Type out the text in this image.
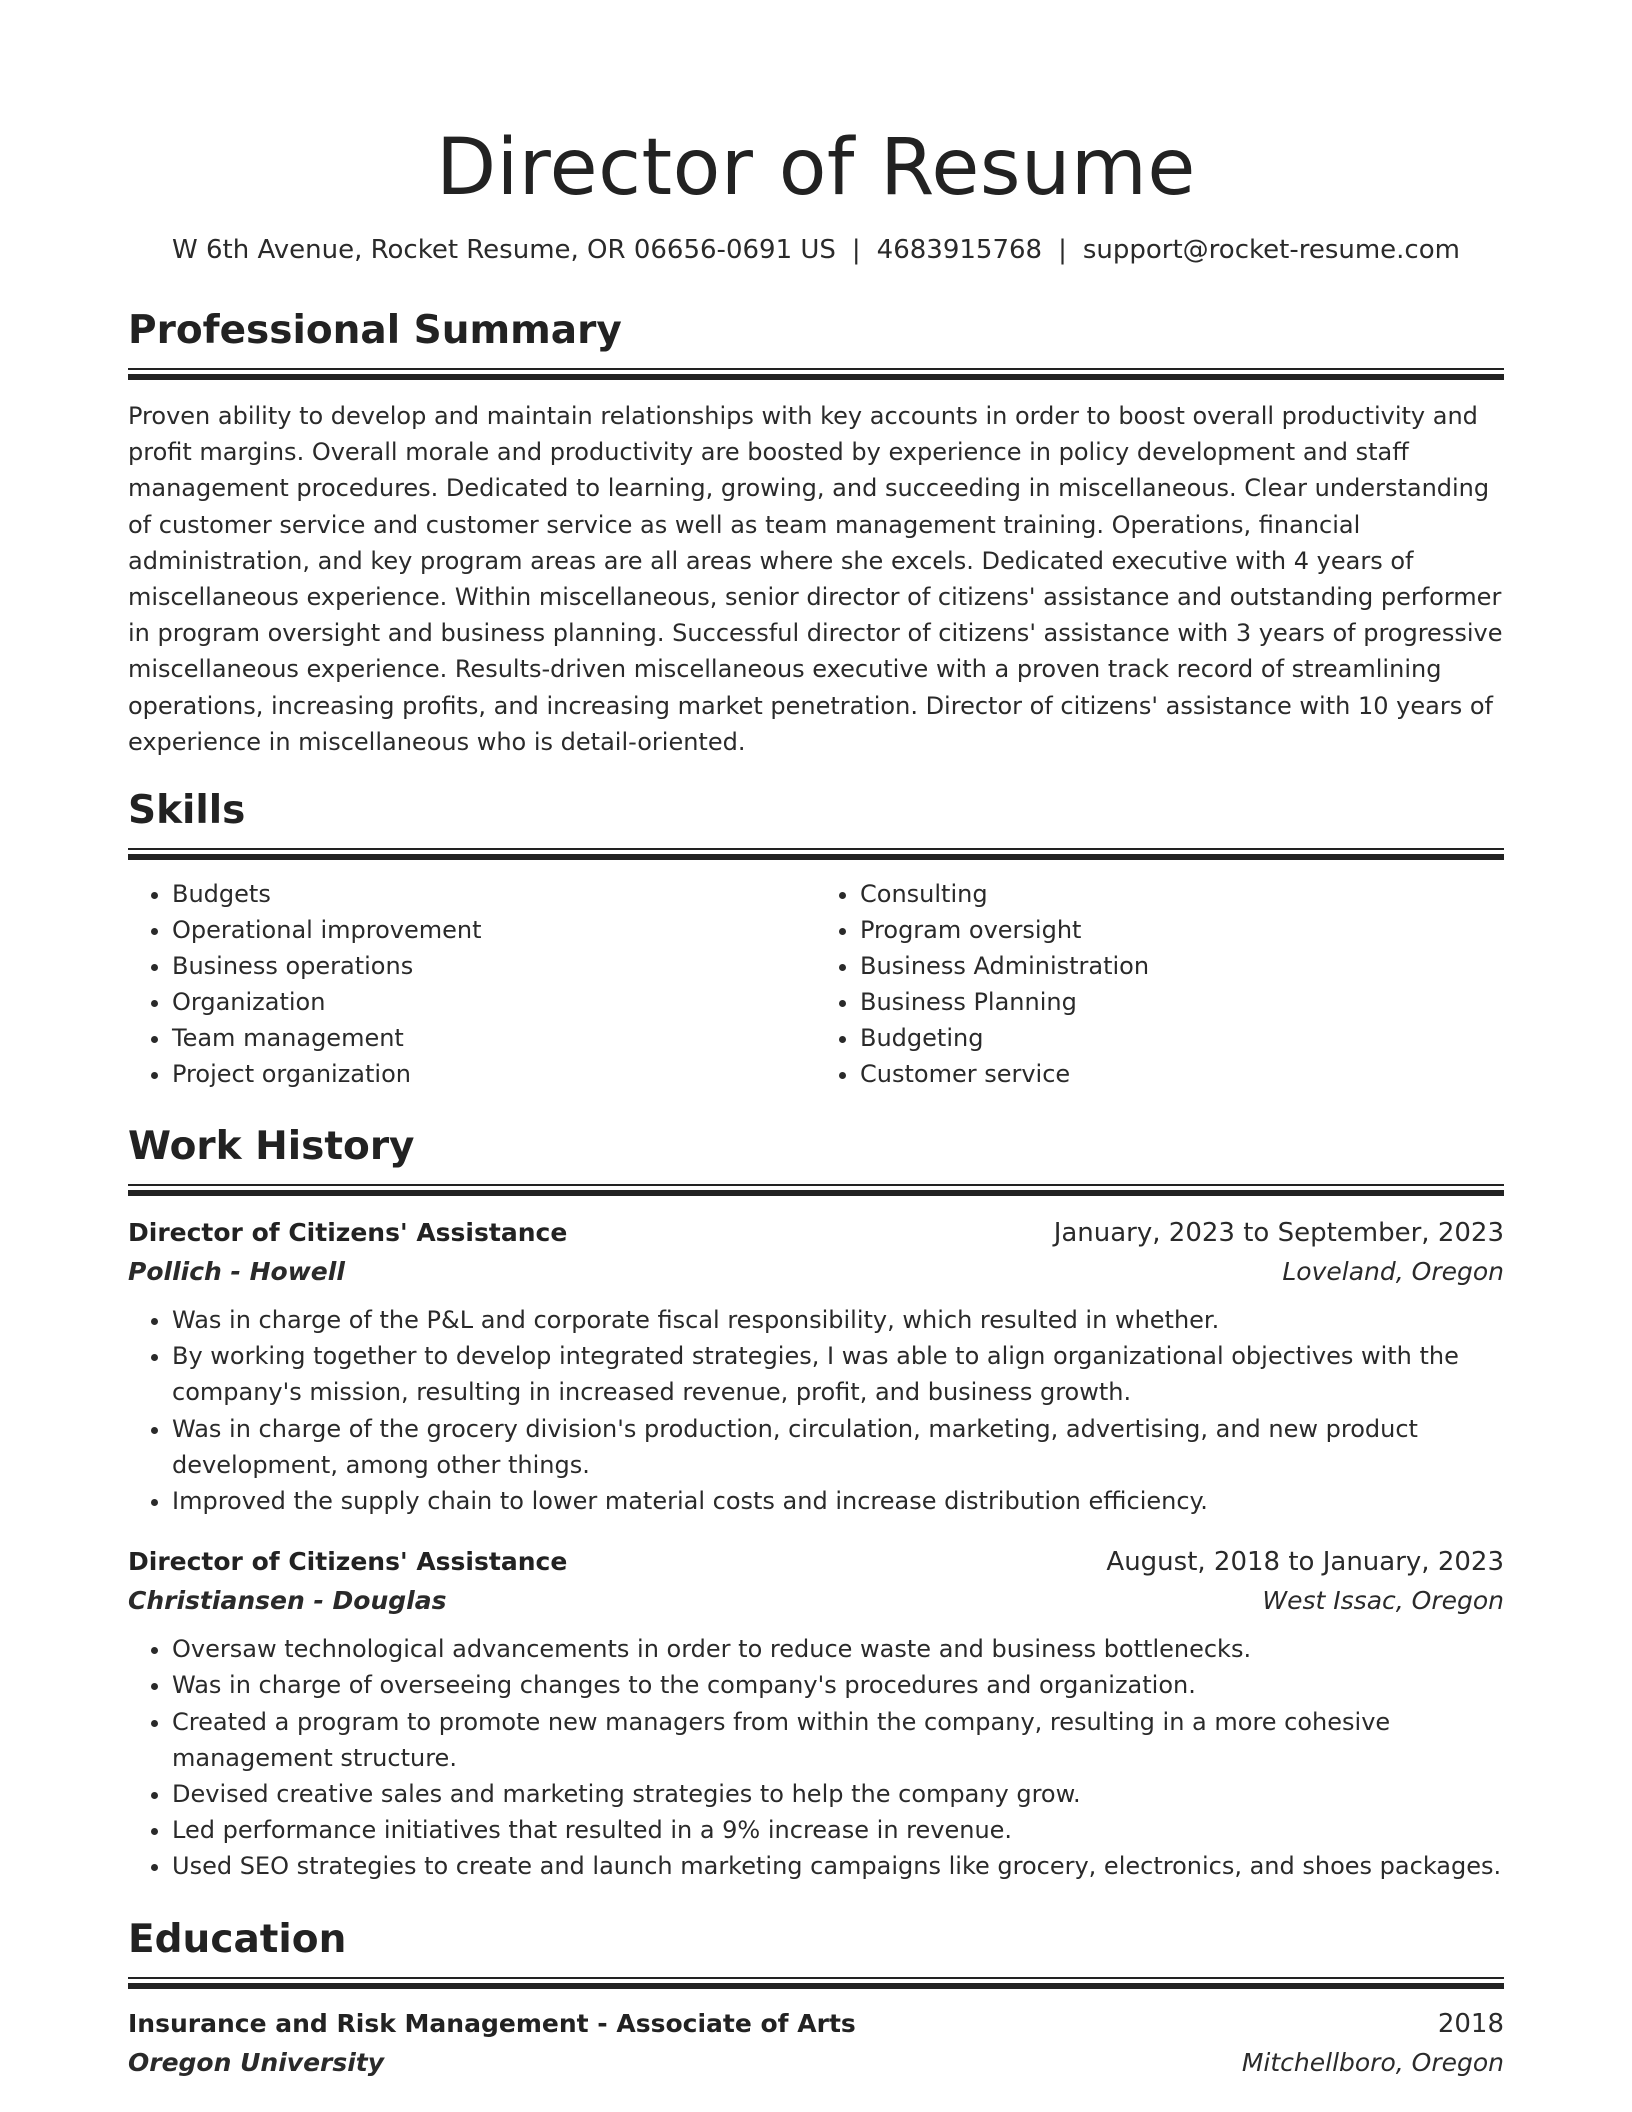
Director of Resume
W 6th Avenue, Rocket Resume, OR 06656-0691 US | 4683915768 | support@rocket-resume.com
Professional Summary

Proven ability to develop and maintain relationships with key accounts in order to boost overall productivity and profit margins. Overall morale and productivity are boosted by experience in policy development and staff management procedures. Dedicated to learning, growing, and succeeding in miscellaneous. Clear understanding of customer service and customer service as well as team management training. Operations, financial administration, and key program areas are all areas where she excels. Dedicated executive with 4 years of miscellaneous experience. Within miscellaneous, senior director of citizens' assistance and outstanding performer in program oversight and business planning. Successful director of citizens' assistance with 3 years of progressive miscellaneous experience. Results-driven miscellaneous executive with a proven track record of streamlining operations, increasing profits, and increasing market penetration. Director of citizens' assistance with 10 years of experience in miscellaneous who is detail-oriented.

Skills
• Budgets
• Operational improvement
• Business operations
• Organization
• Team management
• Project organization
• Consulting
• Program oversight
• Business Administration
• Business Planning
• Budgeting
• Customer service
Work History
Director of Citizens' Assistance	January, 2023 to September, 2023
Pollich - Howell	Loveland, Oregon
• Was in charge of the P&L and corporate fiscal responsibility, which resulted in whether.
• By working together to develop integrated strategies, I was able to align organizational objectives with the company's mission, resulting in increased revenue, profit, and business growth.
• Was in charge of the grocery division's production, circulation, marketing, advertising, and new product development, among other things.
• Improved the supply chain to lower material costs and increase distribution efficiency.
Director of Citizens' Assistance	August, 2018 to January, 2023
Christiansen - Douglas	West Issac, Oregon
• Oversaw technological advancements in order to reduce waste and business bottlenecks.
• Was in charge of overseeing changes to the company's procedures and organization.
• Created a program to promote new managers from within the company, resulting in a more cohesive management structure.
• Devised creative sales and marketing strategies to help the company grow.
• Led performance initiatives that resulted in a 9% increase in revenue.
• Used SEO strategies to create and launch marketing campaigns like grocery, electronics, and shoes packages.
Education
Insurance and Risk Management - Associate of Arts	2018
Oregon University	Mitchellboro, Oregon
